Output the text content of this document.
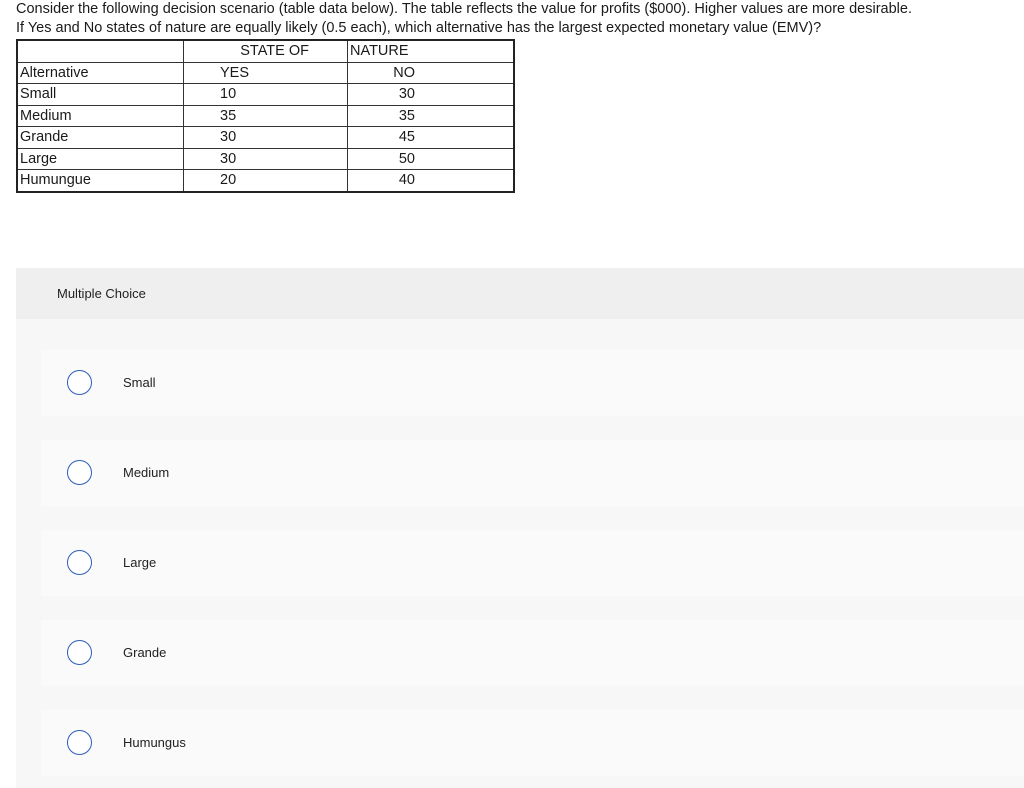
Consider the following decision scenario (table data below). The table reflects the value for profits ($000). Higher values are more desirable.

If Yes and No states of nature are equally likely (0.5 each), which alternative has the largest expected monetary value (EMV)?

	STATE OF	NATURE
Alternative	YES	NO
Small	10	30
Medium	35	35
Grande	30	45
Large	30	50
Humungue	20	40
Multiple Choice
Small
Medium
Large
Grande
Humungus
